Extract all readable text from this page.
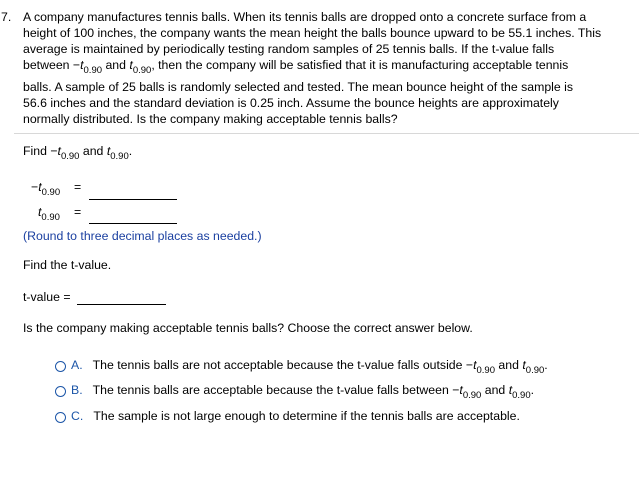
7. A company manufactures tennis balls. When its tennis balls are dropped onto a concrete surface from a
height of 100 inches, the company wants the mean height the balls bounce upward to be 55.1 inches. This
average is maintained by periodically testing random samples of 25 tennis balls. If the t-value falls
between $-t_{0.90}$ and $t_{0.90}$, then the company will be satisfied that it is manufacturing acceptable tennis
balls. A sample of 25 balls is randomly selected and tested. The mean bounce height of the sample is
56.6 inches and the standard deviation is 0.25 inch. Assume the bounce heights are approximately
normally distributed. Is the company making acceptable tennis balls?
Find $-t_{0.90}$ and $t_{0.90}$.
$-t_{0.90}$ =
$t_{0.90}$ =
(Round to three decimal places as needed.)
Find the t-value.
t-value =
Is the company making acceptable tennis balls? Choose the correct answer below.
A. The tennis balls are not acceptable because the t-value falls outside $-t_{0.90}$ and $t_{0.90}$.
B. The tennis balls are acceptable because the t-value falls between $-t_{0.90}$ and $t_{0.90}$.
C. The sample is not large enough to determine if the tennis balls are acceptable.
